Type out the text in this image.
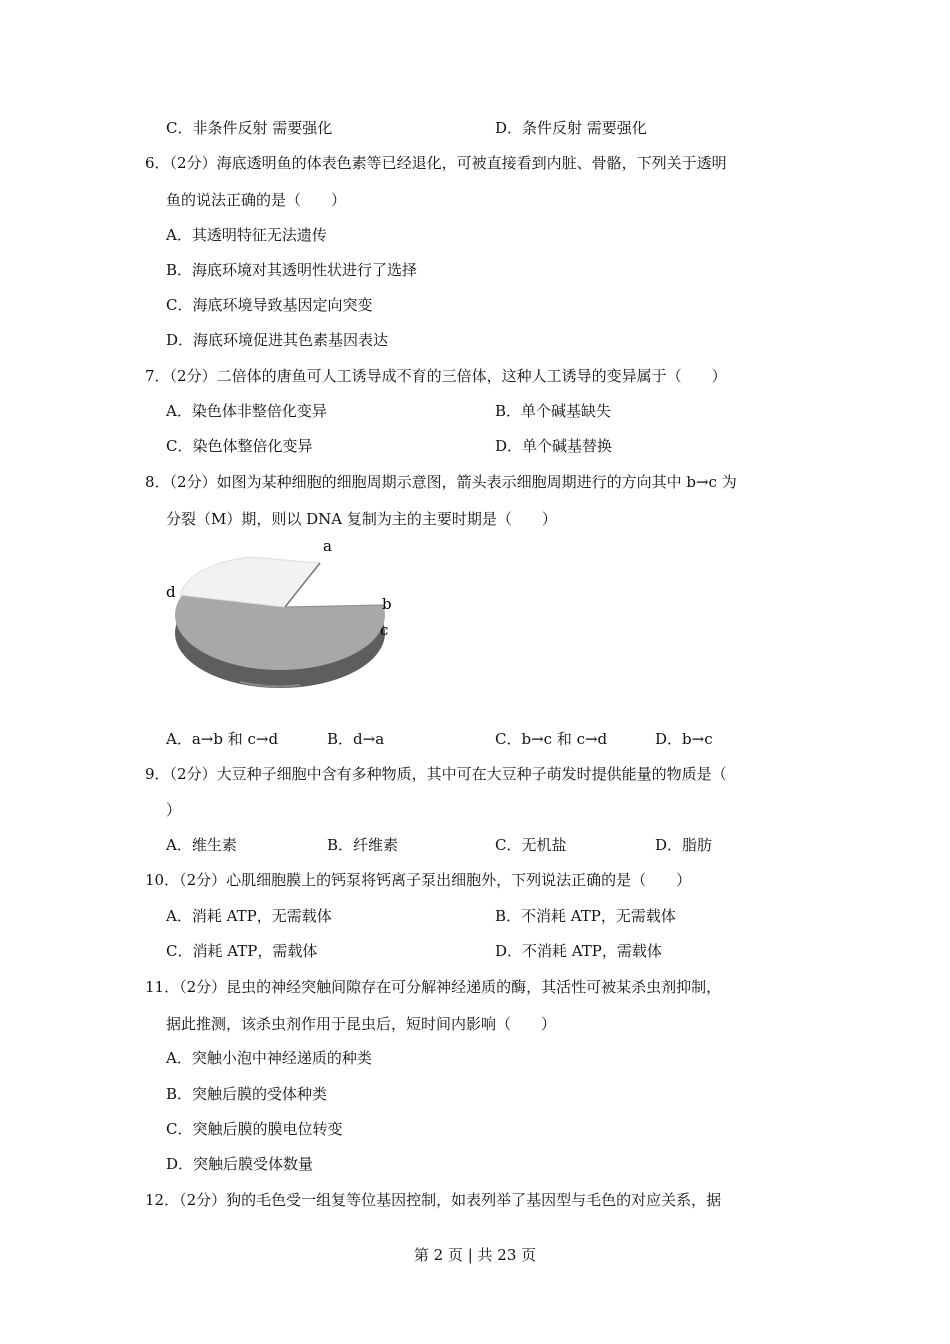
C．非条件反射 需要强化	D．条件反射 需要强化
6．（2分）海底透明鱼的体表色素等已经退化，可被直接看到内脏、骨骼，下列关于透明
鱼的说法正确的是（　　）
A．其透明特征无法遗传
B．海底环境对其透明性状进行了选择
C．海底环境导致基因定向突变
D．海底环境促进其色素基因表达
7．（2分）二倍体的唐鱼可人工诱导成不育的三倍体，这种人工诱导的变异属于（　　）
A．染色体非整倍化变异	B．单个碱基缺失
C．染色体整倍化变异	D．单个碱基替换
8．（2分）如图为某种细胞的细胞周期示意图，箭头表示细胞周期进行的方向其中 b→c 为
分裂（M）期，则以 DNA 复制为主的主要时期是（　　）
a
b
c
d
A．a→b 和 c→d	B．d→a	C．b→c 和 c→d	D．b→c
9．（2分）大豆种子细胞中含有多种物质，其中可在大豆种子萌发时提供能量的物质是（
）
A．维生素	B．纤维素	C．无机盐	D．脂肪
10．（2分）心肌细胞膜上的钙泵将钙离子泵出细胞外，下列说法正确的是（　　）
A．消耗 ATP，无需载体	B．不消耗 ATP，无需载体
C．消耗 ATP，需载体	D．不消耗 ATP，需载体
11．（2分）昆虫的神经突触间隙存在可分解神经递质的酶，其活性可被某杀虫剂抑制，
据此推测，该杀虫剂作用于昆虫后，短时间内影响（　　）
A．突触小泡中神经递质的种类
B．突触后膜的受体种类
C．突触后膜的膜电位转变
D．突触后膜受体数量
12．（2分）狗的毛色受一组复等位基因控制，如表列举了基因型与毛色的对应关系，据
第 2 页 | 共 23 页
